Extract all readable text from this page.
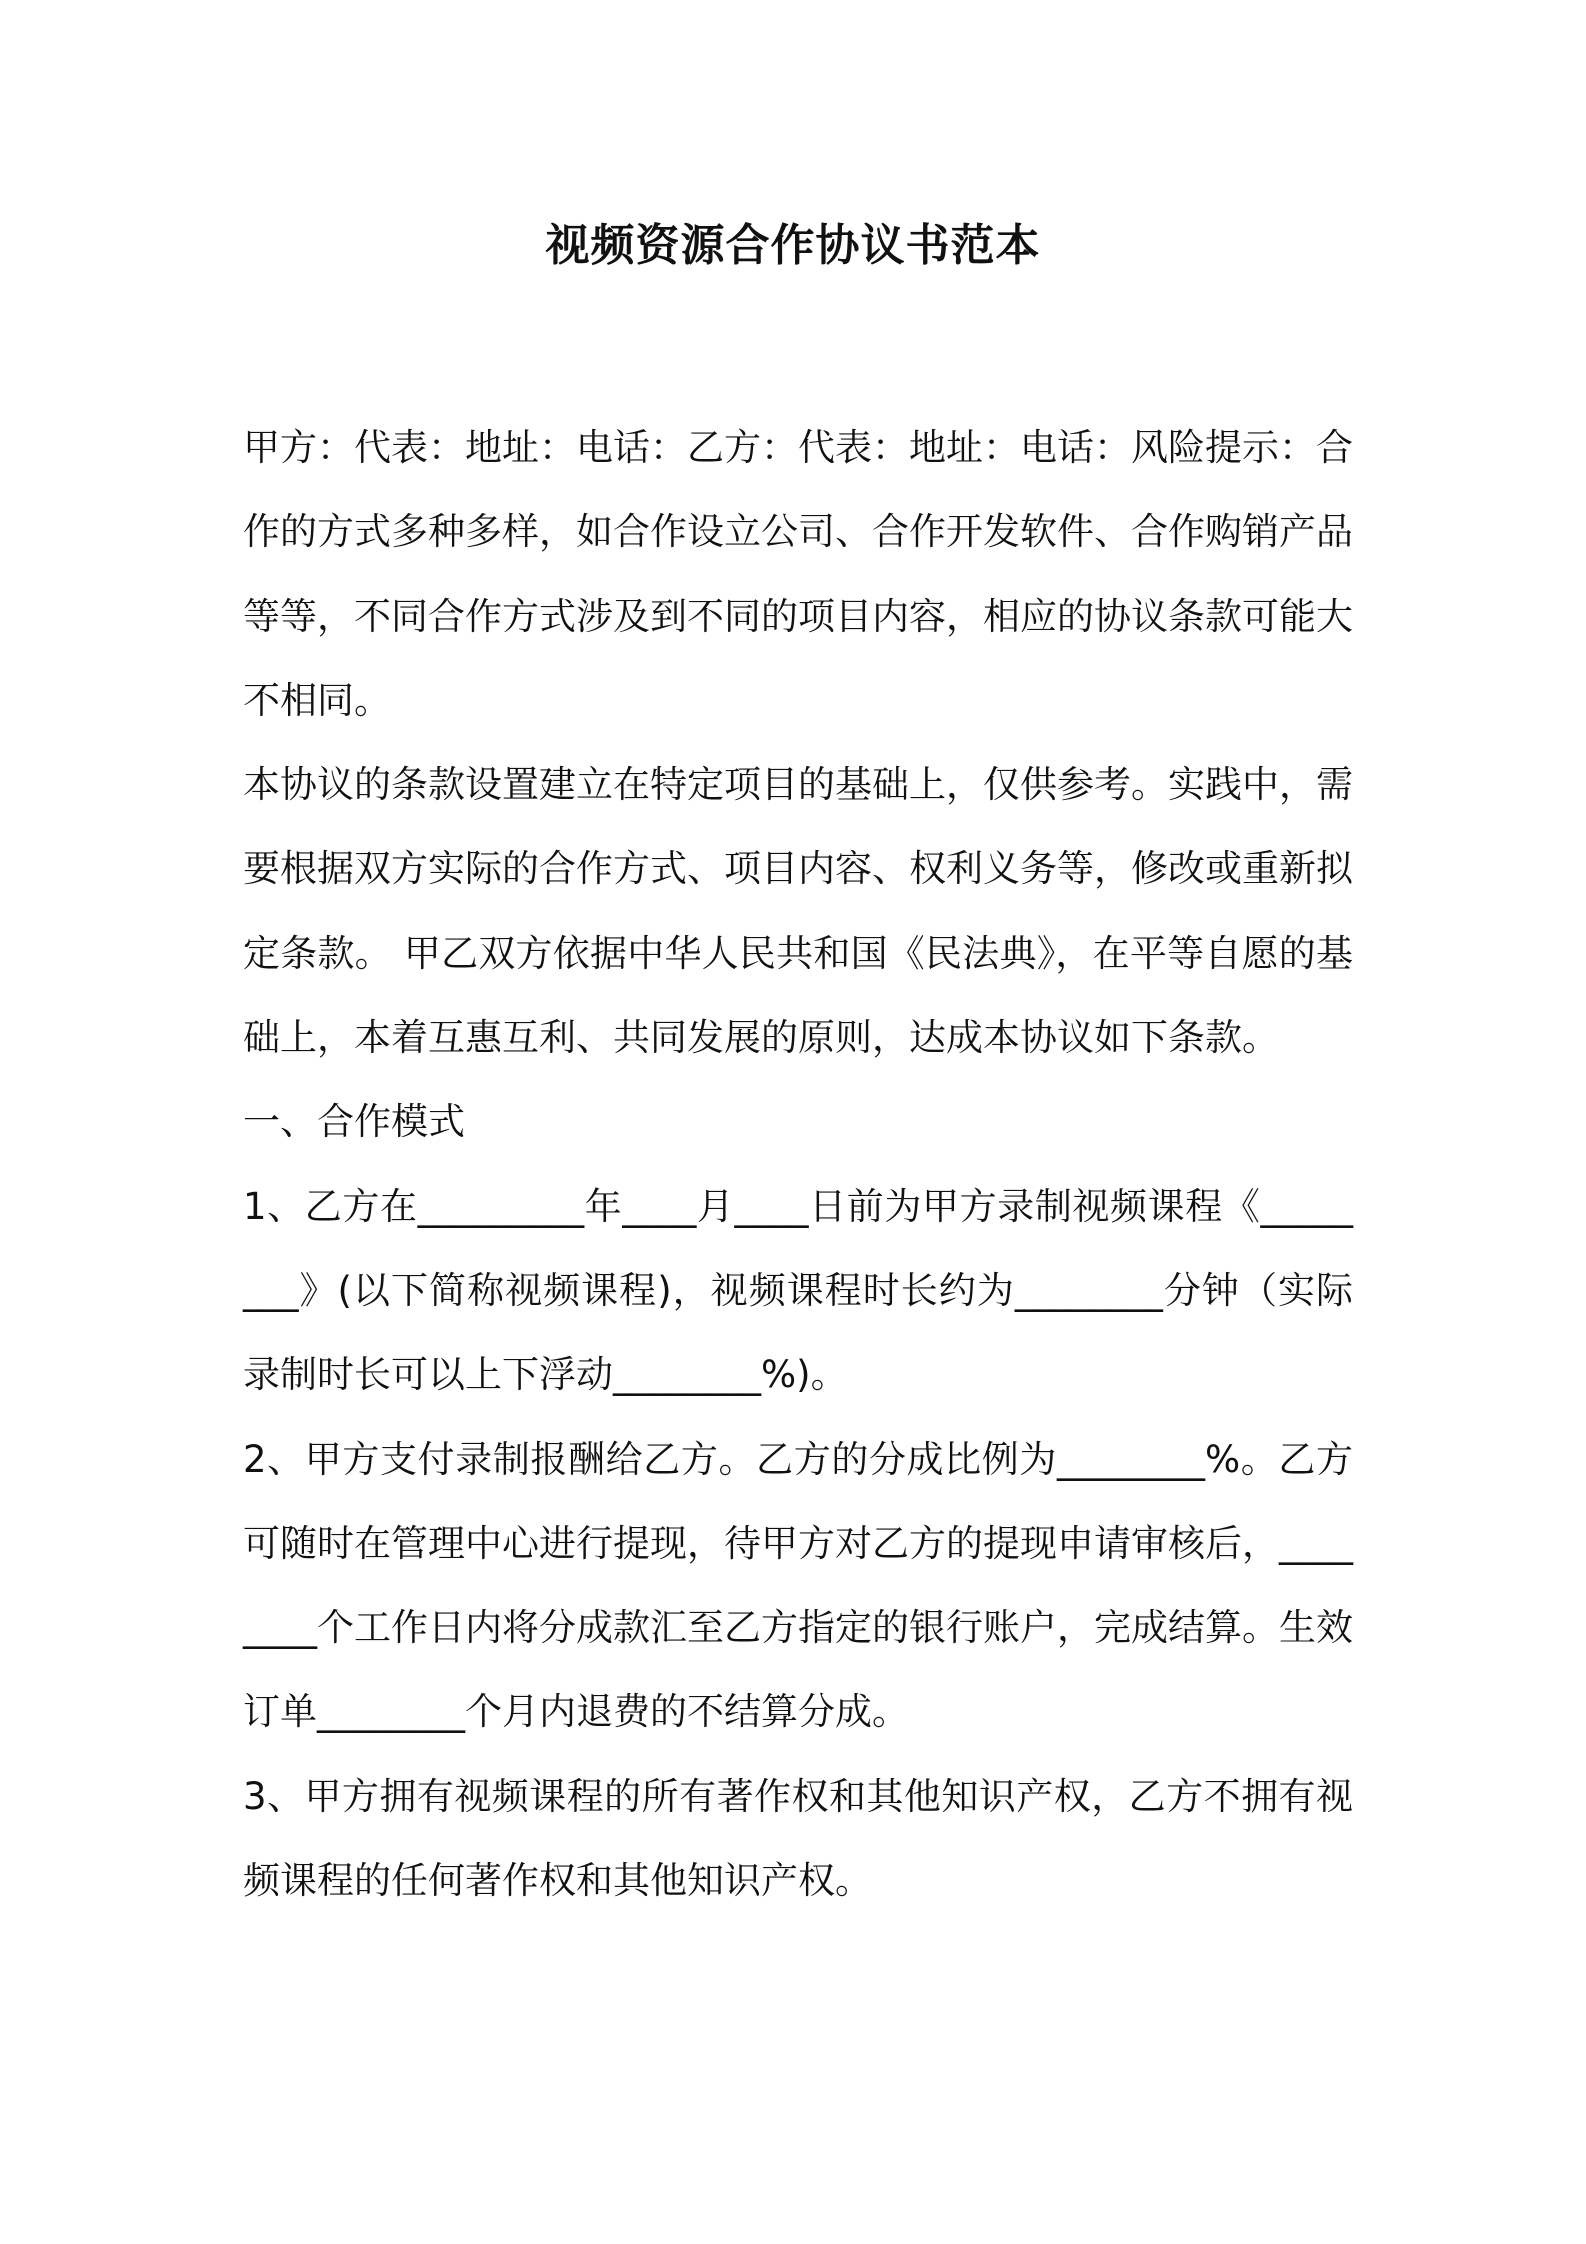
视频资源合作协议书范本

甲方：代表：地址：电话：乙方：代表：地址：电话：风险提示：合作的方式多种多样，如合作设立公司、合作开发软件、合作购销产品等等，不同合作方式涉及到不同的项目内容，相应的协议条款可能大不相同。

本协议的条款设置建立在特定项目的基础上，仅供参考。实践中，需要根据双方实际的合作方式、项目内容、权利义务等，修改或重新拟定条款。 甲乙双方依据中华人民共和国《民法典》，在平等自愿的基础上，本着互惠互利、共同发展的原则，达成本协议如下条款。

一、合作模式

1、乙方在_________年____月____日前为甲方录制视频课程《________》(以下简称视频课程)，视频课程时长约为________分钟（实际录制时长可以上下浮动________%)。

2、甲方支付录制报酬给乙方。乙方的分成比例为________%。乙方可随时在管理中心进行提现，待甲方对乙方的提现申请审核后，________个工作日内将分成款汇至乙方指定的银行账户，完成结算。生效订单________个月内退费的不结算分成。

3、甲方拥有视频课程的所有著作权和其他知识产权，乙方不拥有视频课程的任何著作权和其他知识产权。
